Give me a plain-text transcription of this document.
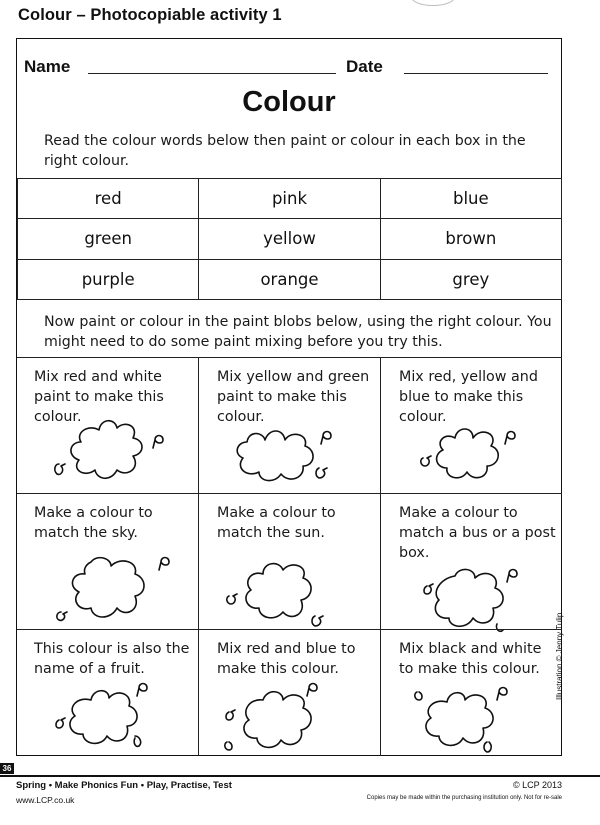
Colour – Photocopiable activity 1
Name	Date
Colour
Read the colour words below then paint or colour in each box in the right colour.
red	pink	blue
green	yellow	brown
purple	orange	grey
Now paint or colour in the paint blobs below, using the right colour. You might need to do some paint mixing before you try this.
Mix red and white paint to make this colour.
Mix yellow and green paint to make this colour.
Mix red, yellow and blue to make this colour.
Make a colour to match the sky.
Make a colour to match the sun.
Make a colour to match a bus or a post box.
This colour is also the name of a fruit.
Mix red and blue to make this colour.
Mix black and white to make this colour.	Illustration © Jenny Tulip
36
Spring • Make Phonics Fun • Play, Practise, Test
www.LCP.co.uk
© LCP 2013
Copies may be made within the purchasing institution only. Not for re-sale
